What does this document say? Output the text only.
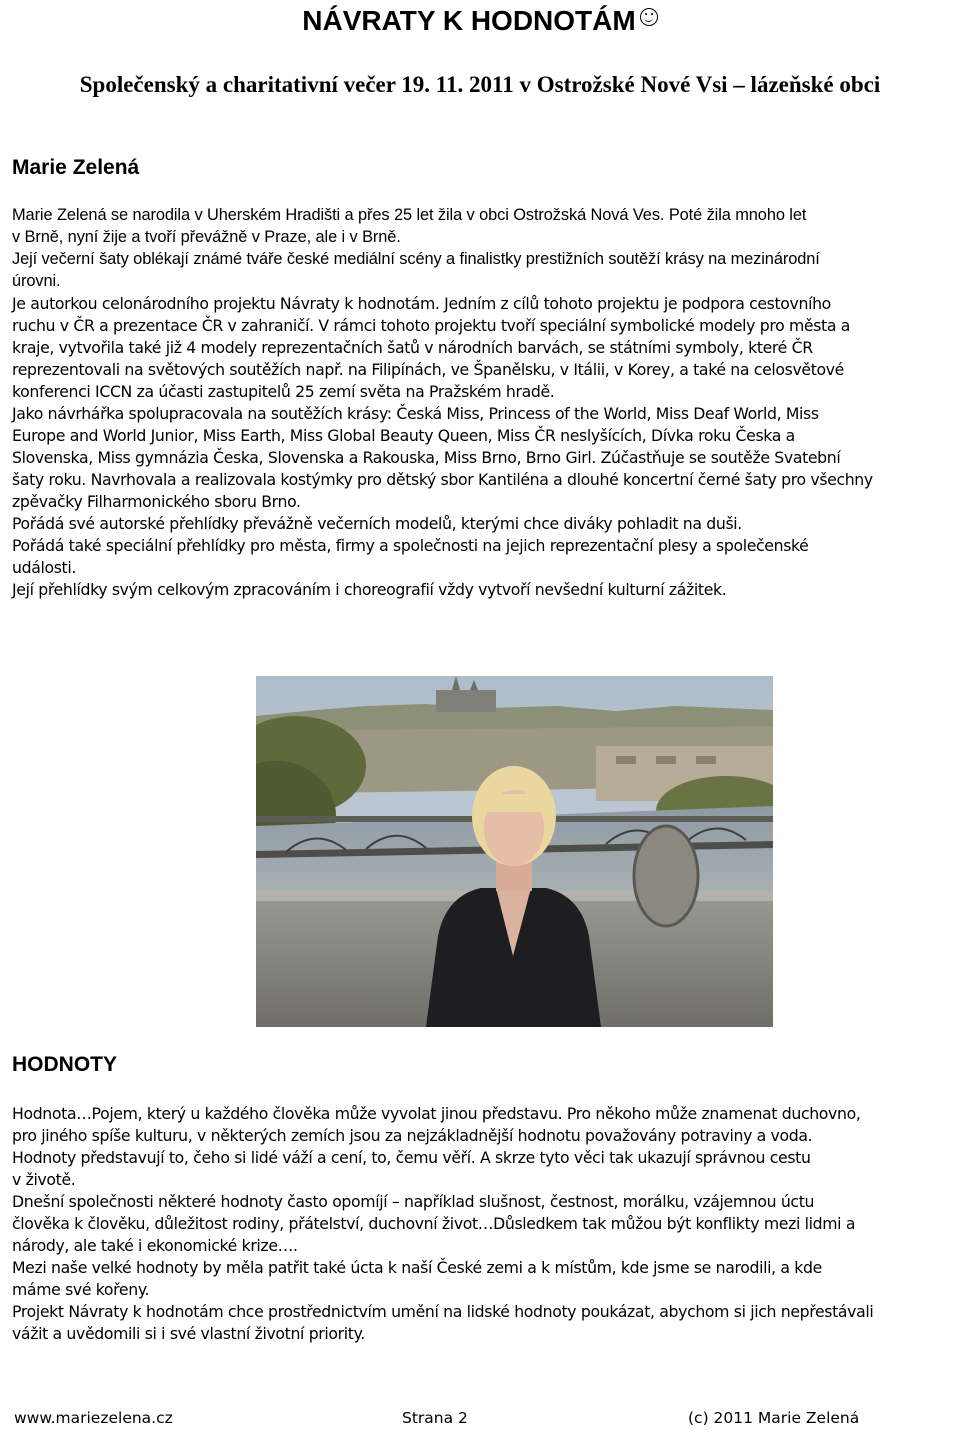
NÁVRATY K HODNOTÁM
Společenský a charitativní večer 19. 11. 2011 v Ostrožské Nové Vsi – lázeňské obci
Marie Zelená
Marie Zelená se narodila v Uherském Hradišti a přes 25 let žila v obci Ostrožská Nová Ves. Poté žila mnoho let
v Brně, nyní žije a tvoří převážně v Praze, ale i v Brně.
Její večerní šaty oblékají známé tváře české mediální scény a finalistky prestižních soutěží krásy na mezinárodní
úrovni.
Je autorkou celonárodního projektu Návraty k hodnotám. Jedním z cílů tohoto projektu je podpora cestovního
ruchu v ČR a prezentace ČR v zahraničí. V rámci tohoto projektu tvoří speciální symbolické modely pro města a
kraje, vytvořila také již 4 modely reprezentačních šatů v národních barvách, se státními symboly, které ČR
reprezentovali na světových soutěžích např. na Filipínách, ve Španělsku, v Itálii, v Korey, a také na celosvětové
konferenci ICCN za účasti zastupitelů 25 zemí světa na Pražském hradě.
Jako návrhářka spolupracovala na soutěžích krásy: Česká Miss, Princess of the World, Miss Deaf World, Miss
Europe and World Junior, Miss Earth, Miss Global Beauty Queen, Miss ČR neslyšících, Dívka roku Česka a
Slovenska, Miss gymnázia Česka, Slovenska a Rakouska, Miss Brno, Brno Girl. Zúčastňuje se soutěže Svatební
šaty roku. Navrhovala a realizovala kostýmky pro dětský sbor Kantiléna a dlouhé koncertní černé šaty pro všechny
zpěvačky Filharmonického sboru Brno.
Pořádá své autorské přehlídky převážně večerních modelů, kterými chce diváky pohladit na duši.
Pořádá také speciální přehlídky pro města, firmy a společnosti na jejich reprezentační plesy a společenské
události.
Její přehlídky svým celkovým zpracováním i choreografií vždy vytvoří nevšední kulturní zážitek.
HODNOTY
Hodnota…Pojem, který u každého člověka může vyvolat jinou představu. Pro někoho může znamenat duchovno,
pro jiného spíše kulturu, v některých zemích jsou za nejzákladnější hodnotu považovány potraviny a voda.
Hodnoty představují to, čeho si lidé váží a cení, to, čemu věří. A skrze tyto věci tak ukazují správnou cestu
v životě.
Dnešní společnosti některé hodnoty často opomíjí – například slušnost, čestnost, morálku, vzájemnou úctu
člověka k člověku, důležitost rodiny, přátelství, duchovní život…Důsledkem tak můžou být konflikty mezi lidmi a
národy, ale také i ekonomické krize….
Mezi naše velké hodnoty by měla patřit také úcta k naší České zemi a k místům, kde jsme se narodili, a kde
máme své kořeny.
Projekt Návraty k hodnotám chce prostřednictvím umění na lidské hodnoty poukázat, abychom si jich nepřestávali
vážit a uvědomili si i své vlastní životní priority.
www.mariezelena.cz	Strana 2	(c) 2011 Marie Zelená
